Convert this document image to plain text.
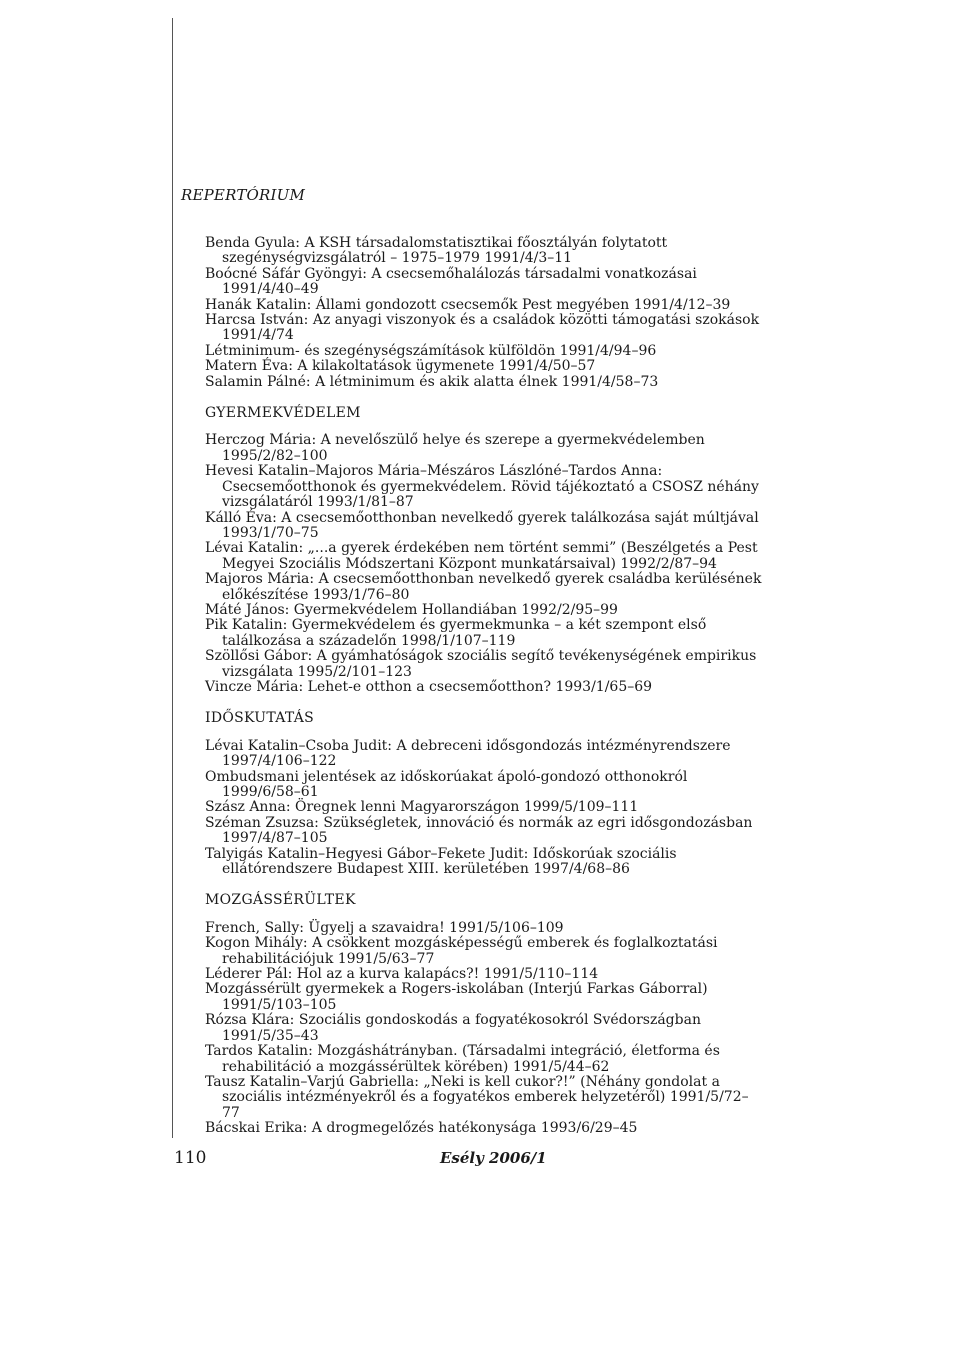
REPERTÓRIUM

Benda Gyula: A KSH társadalomstatisztikai főosztályán folytatott szegénységvizsgálatról – 1975–1979 1991/4/3–11

Boócné Sáfár Gyöngyi: A csecsemőhalálozás társadalmi vonatkozásai 1991/4/40–49

Hanák Katalin: Állami gondozott csecsemők Pest megyében 1991/4/12–39

Harcsa István: Az anyagi viszonyok és a családok közötti támogatási szokások 1991/4/74

Létminimum- és szegénységszámítások külföldön 1991/4/94–96

Matern Éva: A kilakoltatások ügymenete 1991/4/50–57

Salamin Pálné: A létminimum és akik alatta élnek 1991/4/58–73

GYERMEKVÉDELEM

Herczog Mária: A nevelőszülő helye és szerepe a gyermekvédelemben 1995/2/82–100

Hevesi Katalin–Majoros Mária–Mészáros Lászlóné–Tardos Anna: Csecsemőotthonok és gyermekvédelem. Rövid tájékoztató a CSOSZ néhány vizsgálatáról 1993/1/81–87

Kálló Éva: A csecsemőotthonban nevelkedő gyerek találkozása saját múltjával 1993/1/70–75

Lévai Katalin: „...a gyerek érdekében nem történt semmi” (Beszélgetés a Pest Megyei Szociális Módszertani Központ munkatársaival) 1992/2/87–94

Majoros Mária: A csecsemőotthonban nevelkedő gyerek családba kerülésének előkészítése 1993/1/76–80

Máté János: Gyermekvédelem Hollandiában 1992/2/95–99

Pik Katalin: Gyermekvédelem és gyermekmunka – a két szempont első találkozása a századelőn 1998/1/107–119

Szöllősi Gábor: A gyámhatóságok szociális segítő tevékenységének empirikus vizsgálata 1995/2/101–123

Vincze Mária: Lehet-e otthon a csecsemőotthon? 1993/1/65–69

IDŐSKUTATÁS

Lévai Katalin–Csoba Judit: A debreceni idősgondozás intézményrendszere 1997/4/106–122

Ombudsmani jelentések az időskorúakat ápoló-gondozó otthonokról 1999/6/58–61

Szász Anna: Öregnek lenni Magyarországon 1999/5/109–111

Széman Zsuzsa: Szükségletek, innováció és normák az egri idősgondozásban 1997/4/87–105

Talyigás Katalin–Hegyesi Gábor–Fekete Judit: Időskorúak szociális ellátórendszere Budapest XIII. kerületében 1997/4/68–86

MOZGÁSSÉRÜLTEK

French, Sally: Ügyelj a szavaidra! 1991/5/106–109

Kogon Mihály: A csökkent mozgásképességű emberek és foglalkoztatási rehabilitációjuk 1991/5/63–77

Léderer Pál: Hol az a kurva kalapács?! 1991/5/110–114

Mozgássérült gyermekek a Rogers-iskolában (Interjú Farkas Gáborral) 1991/5/103–105

Rózsa Klára: Szociális gondoskodás a fogyatékosokról Svédországban 1991/5/35–43

Tardos Katalin: Mozgáshátrányban. (Társadalmi integráció, életforma és rehabilitáció a mozgássérültek körében) 1991/5/44–62

Tausz Katalin–Varjú Gabriella: „Neki is kell cukor?!” (Néhány gondolat a szociális intézményekről és a fogyatékos emberek helyzetéről) 1991/5/72–77

Bácskai Erika: A drogmegelőzés hatékonysága 1993/6/29–45

110	Esély 2006/1
